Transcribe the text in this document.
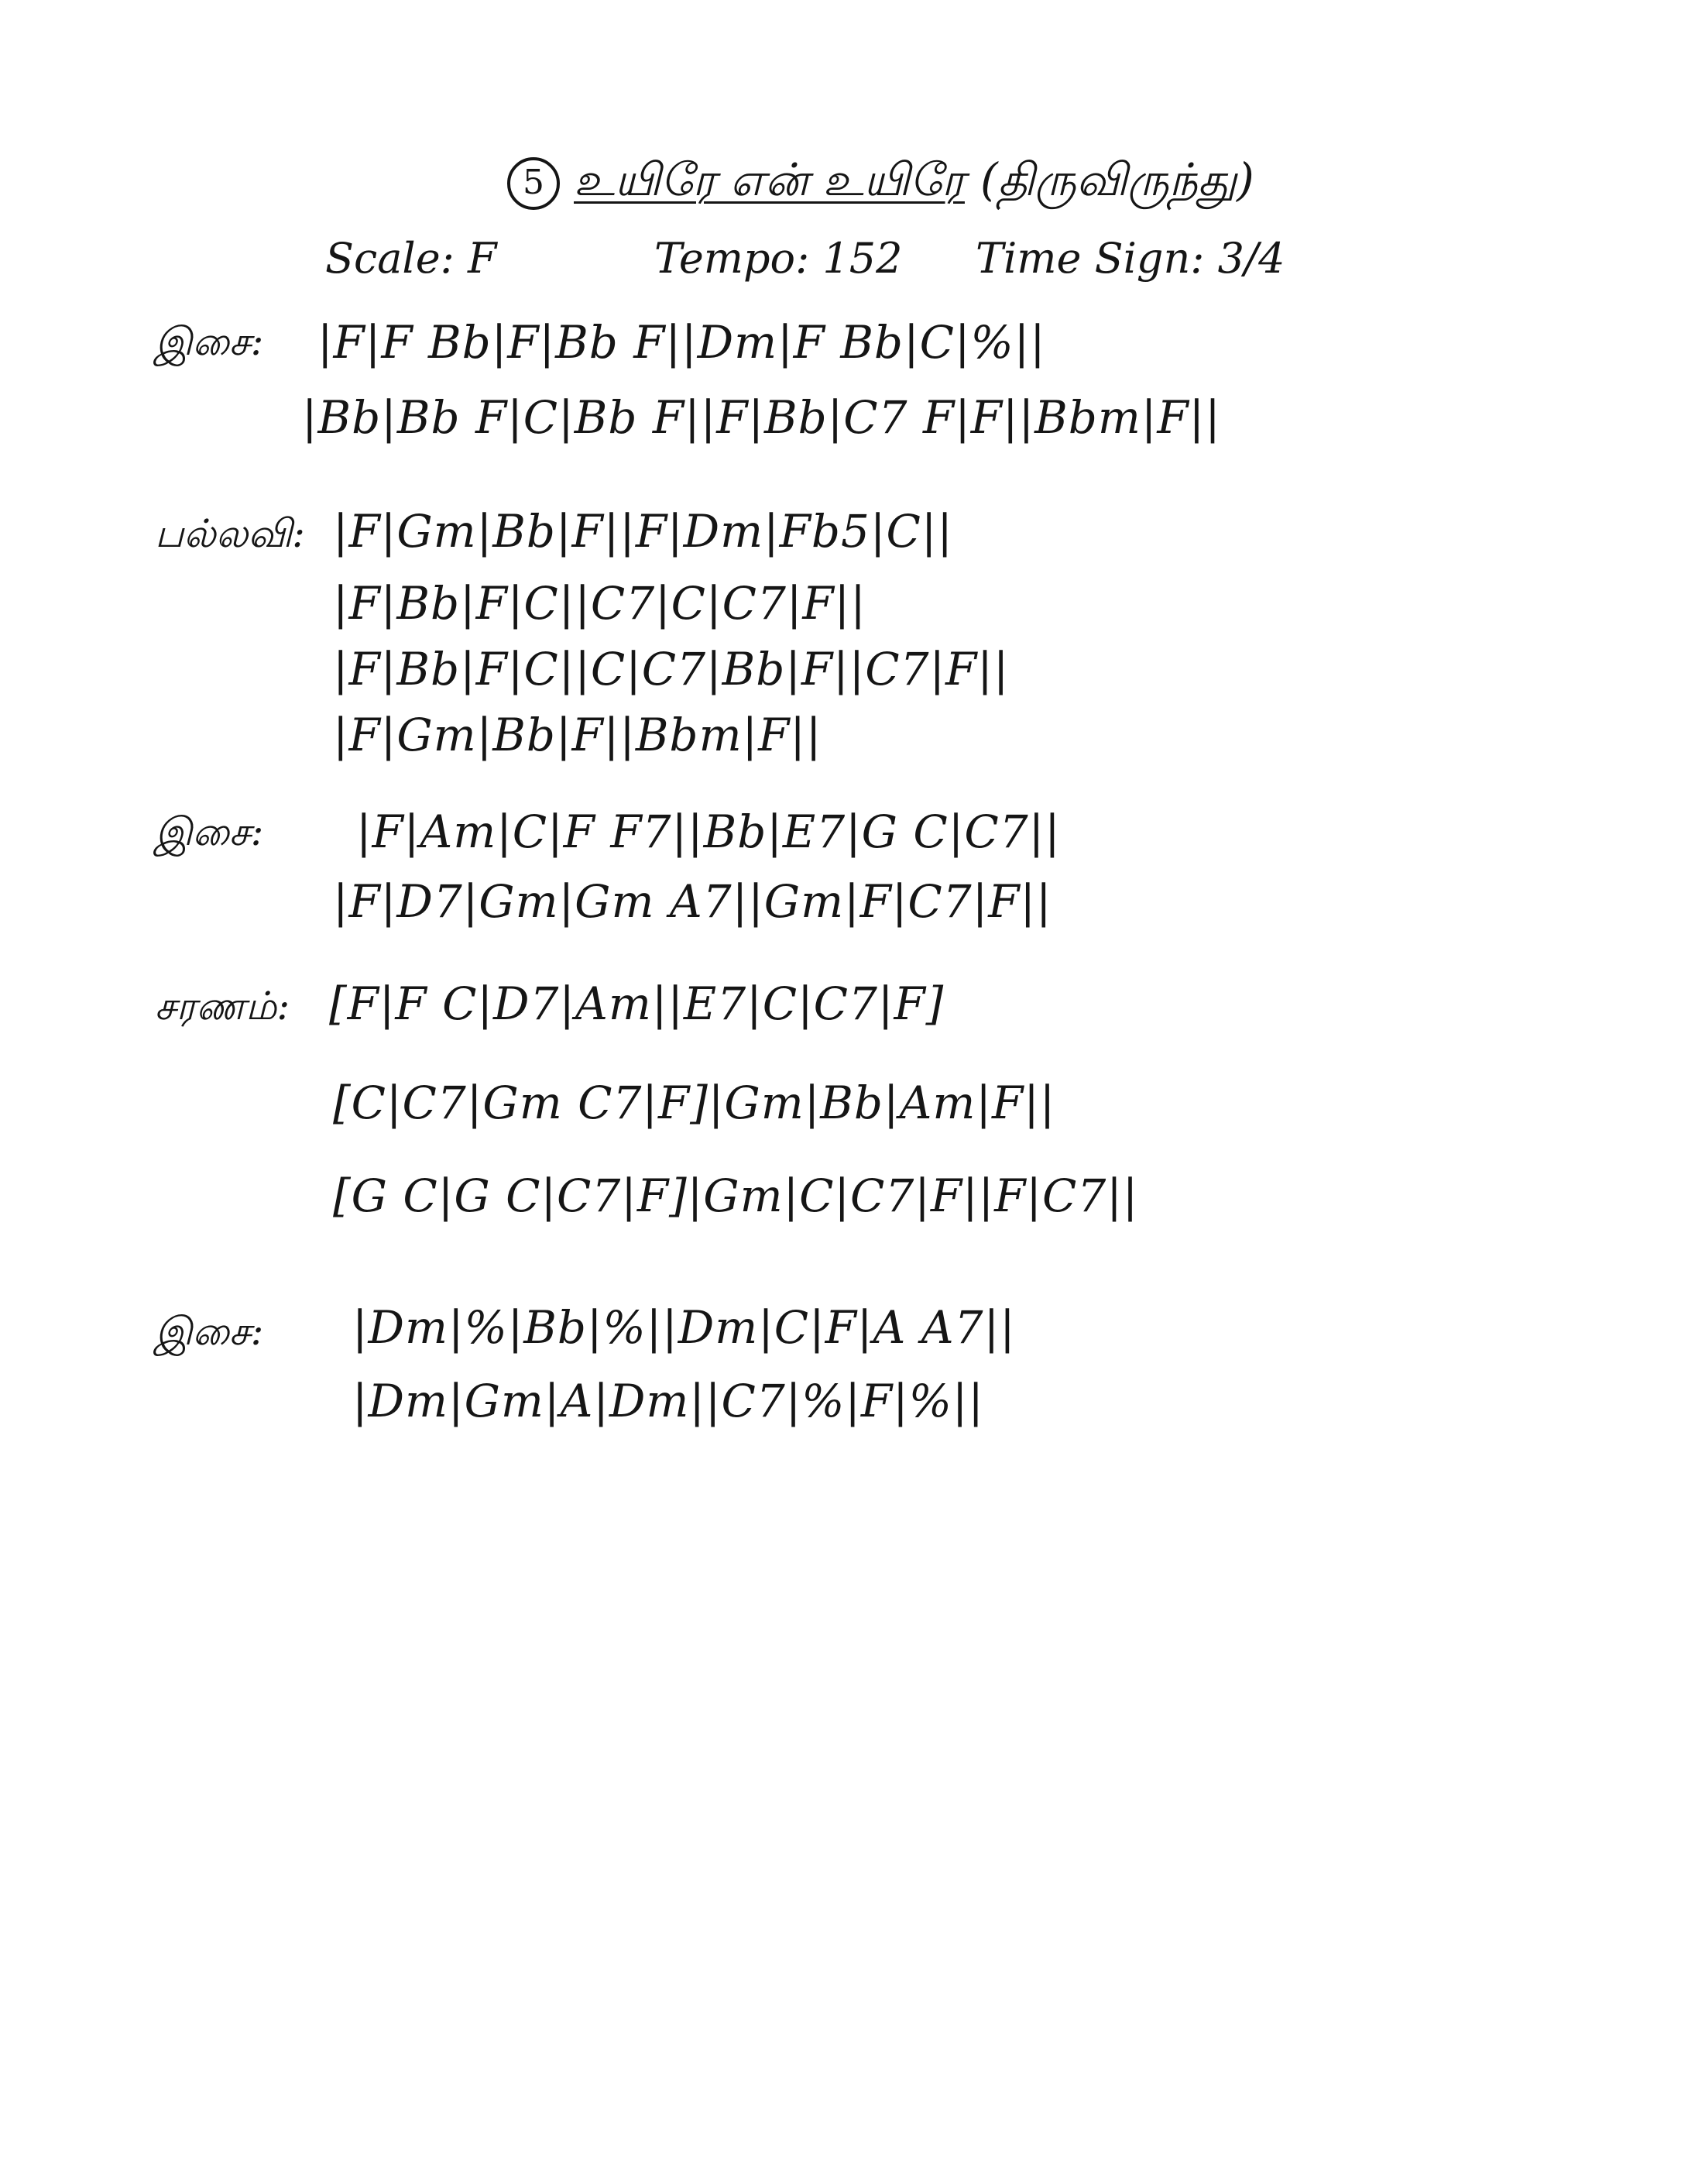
5 உயிரே என் உயிரே (திருவிருந்து)
Scale: F	Tempo: 152 Time Sign: 3/4
இசை: |F|F Bb|F|Bb F||Dm|F Bb|C|%||
|Bb|Bb F|C|Bb F||F|Bb|C7 F|F||Bbm|F||
பல்லவி: |F|Gm|Bb|F||F|Dm|Fb5|C||
|F|Bb|F|C||C7|C|C7|F||
|F|Bb|F|C||C|C7|Bb|F||C7|F||
|F|Gm|Bb|F||Bbm|F||
இசை: |F|Am|C|F F7||Bb|E7|G C|C7||
|F|D7|Gm|Gm A7||Gm|F|C7|F||
சரணம்: [F|F C|D7|Am||E7|C|C7|F]
[C|C7|Gm C7|F]|Gm|Bb|Am|F||
[G C|G C|C7|F]|Gm|C|C7|F||F|C7||
இசை: |Dm|%|Bb|%||Dm|C|F|A A7||
|Dm|Gm|A|Dm||C7|%|F|%||
